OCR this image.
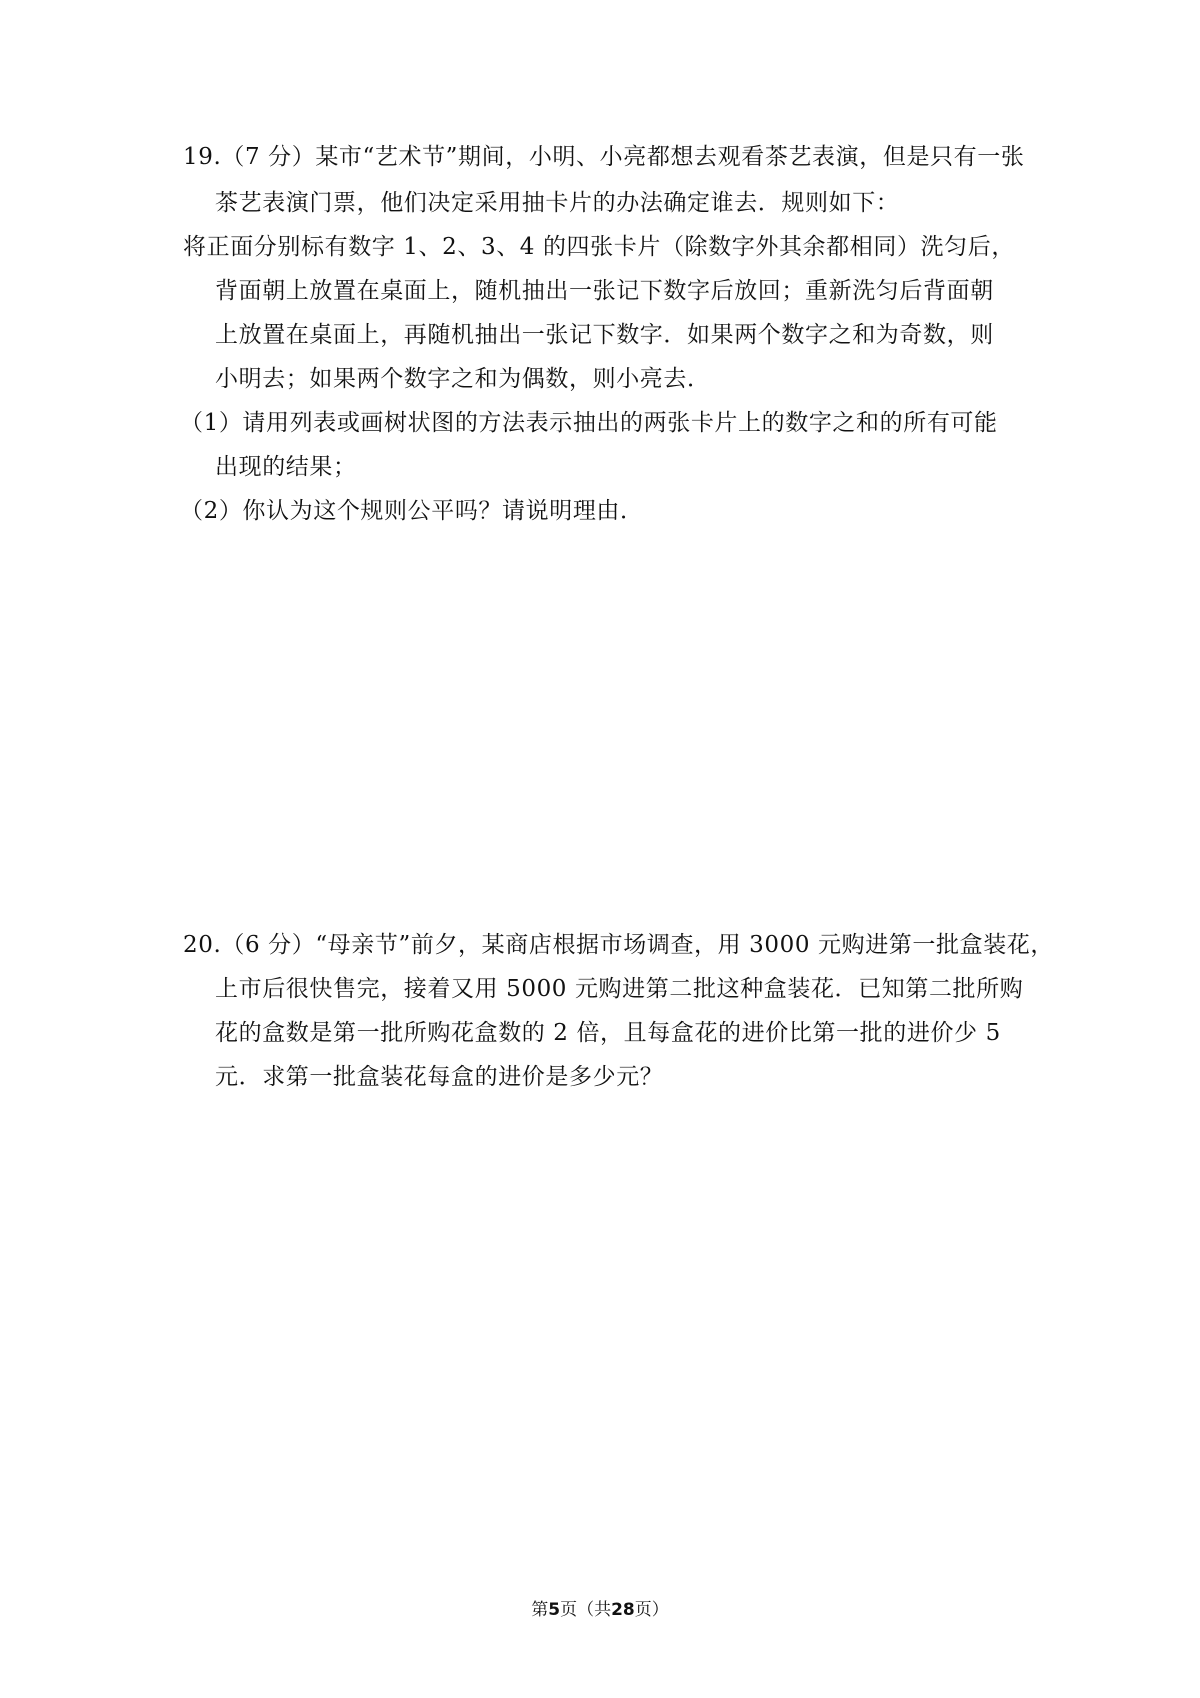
19.（7 分）某市“艺术节”期间，小明、小亮都想去观看茶艺表演，但是只有一张
茶艺表演门票，他们决定采用抽卡片的办法确定谁去．规则如下：
将正面分别标有数字 1、2、3、4 的四张卡片（除数字外其余都相同）洗匀后，
背面朝上放置在桌面上，随机抽出一张记下数字后放回；重新洗匀后背面朝
上放置在桌面上，再随机抽出一张记下数字．如果两个数字之和为奇数，则
小明去；如果两个数字之和为偶数，则小亮去．
（1）请用列表或画树状图的方法表示抽出的两张卡片上的数字之和的所有可能
出现的结果；
（2）你认为这个规则公平吗？请说明理由．
20.（6 分）“母亲节”前夕，某商店根据市场调查，用 3000 元购进第一批盒装花，
上市后很快售完，接着又用 5000 元购进第二批这种盒装花．已知第二批所购
花的盒数是第一批所购花盒数的 2 倍，且每盒花的进价比第一批的进价少 5
元．求第一批盒装花每盒的进价是多少元？
第5页（共28页）
